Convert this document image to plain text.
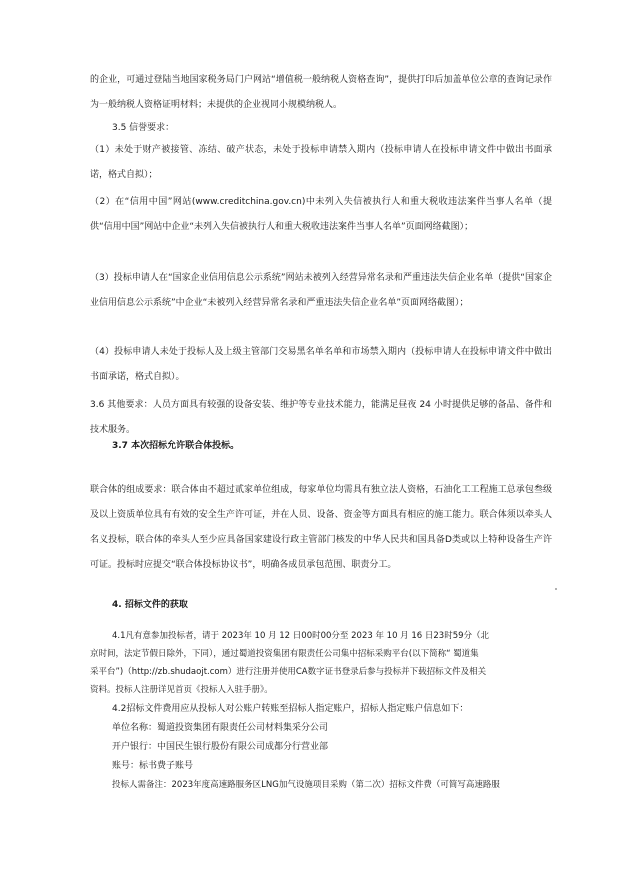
的企业，可通过登陆当地国家税务局门户网站“增值税一般纳税人资格查询”，提供打印后加盖单位公章的查询记录作为一般纳税人资格证明材料；未提供的企业视同小规模纳税人。

3.5 信誉要求：

（1）未处于财产被接管、冻结、破产状态，未处于投标申请禁入期内（投标申请人在投标申请文件中做出书面承诺，格式自拟）；

（2）在“信用中国”网站(www.creditchina.gov.cn)中未列入失信被执行人和重大税收违法案件当事人名单（提供“信用中国”网站中企业“未列入失信被执行人和重大税收违法案件当事人名单”页面网络截图）；

（3）投标申请人在“国家企业信用信息公示系统”网站未被列入经营异常名录和严重违法失信企业名单（提供“国家企业信用信息公示系统”中企业“未被列入经营异常名录和严重违法失信企业名单”页面网络截图）；

（4）投标申请人未处于投标人及上级主管部门交易黑名单名单和市场禁入期内（投标申请人在投标申请文件中做出书面承诺，格式自拟）。

3.6 其他要求：人员方面具有较强的设备安装、维护等专业技术能力，能满足昼夜 24 小时提供足够的备品、备件和技术服务。

3.7 本次招标允许联合体投标。

联合体的组成要求：联合体由不超过贰家单位组成，每家单位均需具有独立法人资格，石油化工工程施工总承包叁级及以上资质单位具有有效的安全生产许可证，并在人员、设备、资金等方面具有相应的施工能力。联合体须以牵头人名义投标，联合体的牵头人至少应具备国家建设行政主管部门核发的中华人民共和国具备D类或以上特种设备生产许可证。投标时应提交“联合体投标协议书”，明确各成员承包范围、职责分工。

4. 招标文件的获取

4.1凡有意参加投标者，请于 2023年 10 月 12 日00时00分至 2023 年 10 月 16 日23时59分（北

京时间，法定节假日除外，下同），通过蜀道投资集团有限责任公司集中招标采购平台(以下简称“ 蜀道集

采平台”)（http://zb.shudaojt.com）进行注册并使用CA数字证书登录后参与投标并下载招标文件及相关

资料。投标人注册详见首页《投标人入驻手册》。

4.2招标文件费用应从投标人对公账户转账至招标人指定账户，招标人指定账户信息如下：

单位名称：蜀道投资集团有限责任公司材料集采分公司

开户银行：中国民生银行股份有限公司成都分行营业部

账号：标书费子账号

投标人需备注：2023年度高速路服务区LNG加气设施项目采购（第二次）招标文件费（可简写高速路服
